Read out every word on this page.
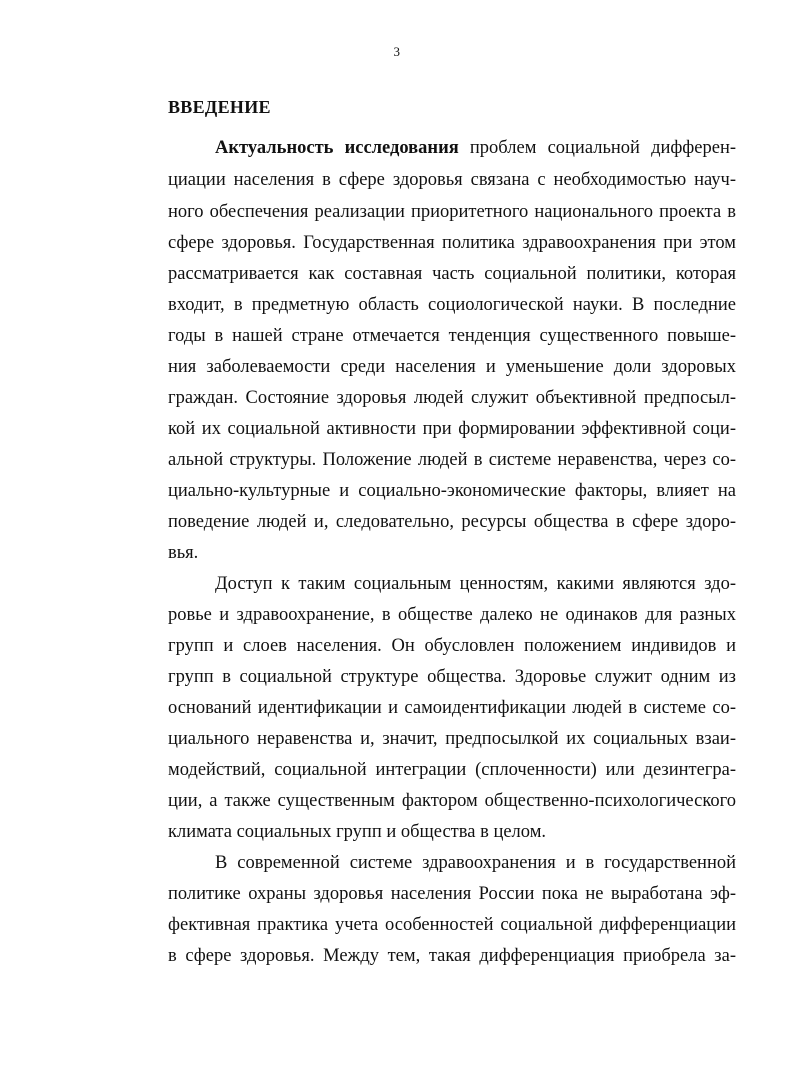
3
ВВЕДЕНИЕ
Актуальность исследования проблем социальной дифферен-
циации населения в сфере здоровья связана с необходимостью науч-
ного обеспечения реализации приоритетного национального проекта в
сфере здоровья. Государственная политика здравоохранения при этом
рассматривается как составная часть социальной политики, которая
входит, в предметную область социологической науки. В последние
годы в нашей стране отмечается тенденция существенного повыше-
ния заболеваемости среди населения и уменьшение доли здоровых
граждан. Состояние здоровья людей служит объективной предпосыл-
кой их социальной активности при формировании эффективной соци-
альной структуры. Положение людей в системе неравенства, через со-
циально-культурные и социально-экономические факторы, влияет на
поведение людей и, следовательно, ресурсы общества в сфере здоро-
вья.
Доступ к таким социальным ценностям, какими являются здо-
ровье и здравоохранение, в обществе далеко не одинаков для разных
групп и слоев населения. Он обусловлен положением индивидов и
групп в социальной структуре общества. Здоровье служит одним из
оснований идентификации и самоидентификации людей в системе со-
циального неравенства и, значит, предпосылкой их социальных взаи-
модействий, социальной интеграции (сплоченности) или дезинтегра-
ции, а также существенным фактором общественно-психологического
климата социальных групп и общества в целом.
В современной системе здравоохранения и в государственной
политике охраны здоровья населения России пока не выработана эф-
фективная практика учета особенностей социальной дифференциации
в сфере здоровья. Между тем, такая дифференциация приобрела за-
